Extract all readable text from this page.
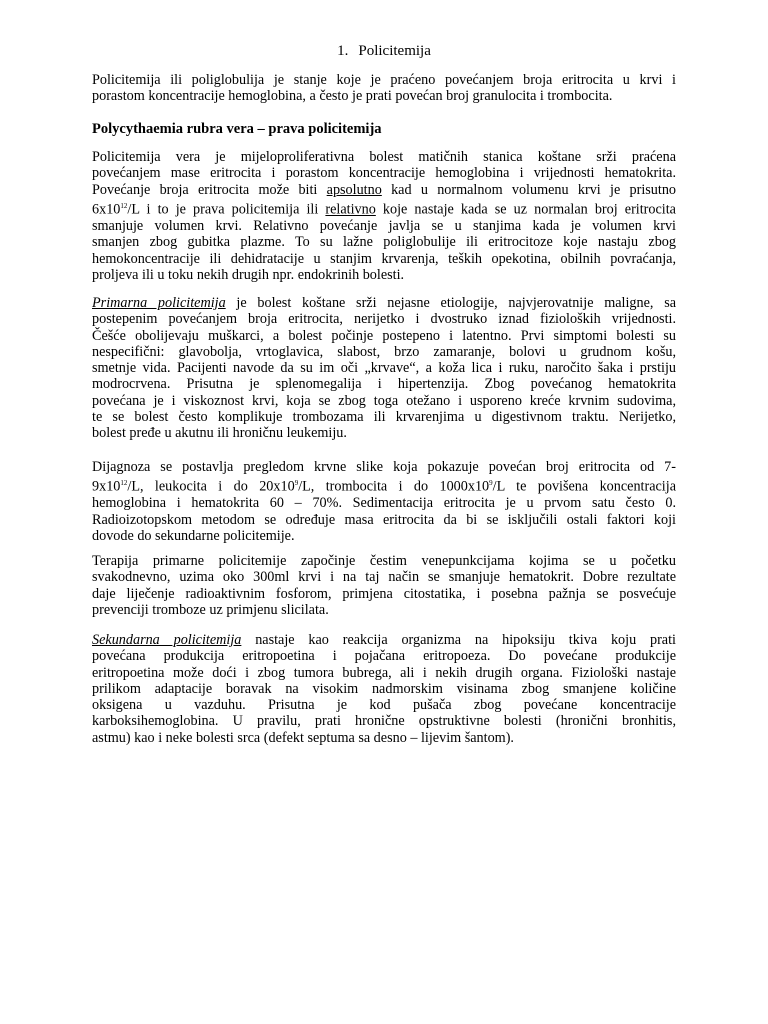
1. Policitemija

Policitemija ili poliglobulija je stanje koje je praćeno povećanjem broja eritrocita u krvi i
porastom koncentracije hemoglobina, a često je prati povećan broj granulocita i trombocita.

Polycythaemia rubra vera – prava policitemija

Policitemija vera je mijeloproliferativna bolest matičnih stanica koštane srži praćena
povećanjem mase eritrocita i porastom koncentracije hemoglobina i vrijednosti hematokrita.
Povećanje broja eritrocita može biti apsolutno kad u normalnom volumenu krvi je prisutno
$6x10^{12}/L$ i to je prava policitemija ili relativno koje nastaje kada se uz normalan broj eritrocita
smanjuje volumen krvi. Relativno povećanje javlja se u stanjima kada je volumen krvi
smanjen zbog gubitka plazme. To su lažne poliglobulije ili eritrocitoze koje nastaju zbog
hemokoncentracije ili dehidratacije u stanjim krvarenja, teških opekotina, obilnih povraćanja,
proljeva ili u toku nekih drugih npr. endokrinih bolesti.

Primarna policitemija je bolest koštane srži nejasne etiologije, najvjerovatnije maligne, sa
postepenim povećanjem broja eritrocita, nerijetko i dvostruko iznad fizioloških vrijednosti.
Češće obolijevaju muškarci, a bolest počinje postepeno i latentno. Prvi simptomi bolesti su
nespecifični: glavobolja, vrtoglavica, slabost, brzo zamaranje, bolovi u grudnom košu,
smetnje vida. Pacijenti navode da su im oči „krvave“, a koža lica i ruku, naročito šaka i prstiju
modrocrvena. Prisutna je splenomegalija i hipertenzija. Zbog povećanog hematokrita
povećana je i viskoznost krvi, koja se zbog toga otežano i usporeno kreće krvnim sudovima,
te se bolest često komplikuje trombozama ili krvarenjima u digestivnom traktu. Nerijetko,
bolest pređe u akutnu ili hroničnu leukemiju.

Dijagnoza se postavlja pregledom krvne slike koja pokazuje povećan broj eritrocita od 7-
$9x10^{12}/L$, leukocita i do $20x10^9/L$, trombocita i do $1000x10^9/L$ te povišena koncentracija
hemoglobina i hematokrita 60 – 70%. Sedimentacija eritrocita je u prvom satu često 0.
Radioizotopskom metodom se određuje masa eritrocita da bi se isključili ostali faktori koji
dovode do sekundarne policitemije.

Terapija primarne policitemije započinje čestim venepunkcijama kojima se u početku
svakodnevno, uzima oko 300ml krvi i na taj način se smanjuje hematokrit. Dobre rezultate
daje liječenje radioaktivnim fosforom, primjena citostatika, i posebna pažnja se posvećuje
prevenciji tromboze uz primjenu slicilata.

Sekundarna policitemija nastaje kao reakcija organizma na hipoksiju tkiva koju prati
povećana produkcija eritropoetina i pojačana eritropoeza. Do povećane produkcije
eritropoetina može doći i zbog tumora bubrega, ali i nekih drugih organa. Fiziološki nastaje
prilikom adaptacije boravak na visokim nadmorskim visinama zbog smanjene količine
oksigena u vazduhu. Prisutna je kod pušača zbog povećane koncentracije
karboksihemoglobina. U pravilu, prati hronične opstruktivne bolesti (hronični bronhitis,
astmu) kao i neke bolesti srca (defekt septuma sa desno – lijevim šantom).
